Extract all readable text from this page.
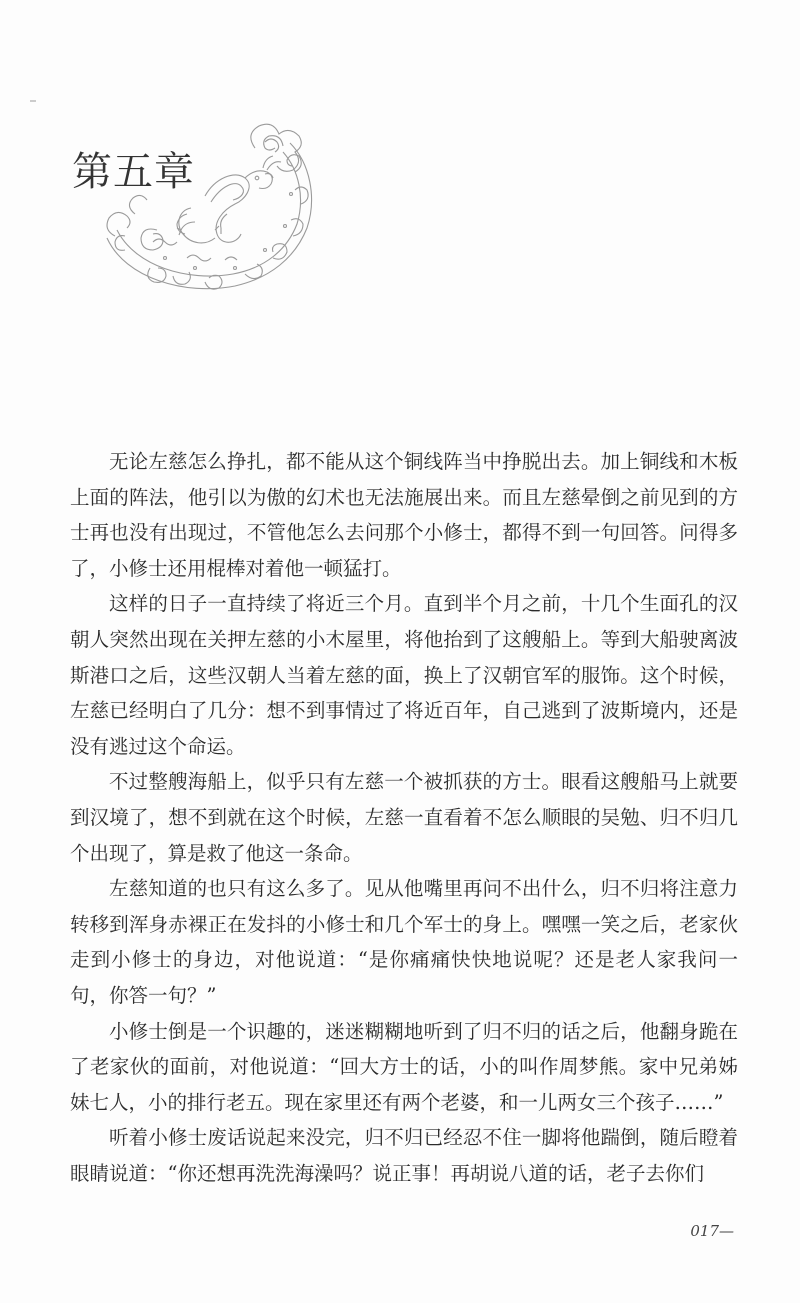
第五章

无论左慈怎么挣扎，都不能从这个铜线阵当中挣脱出去。加上铜线和木板上面的阵法，他引以为傲的幻术也无法施展出来。而且左慈晕倒之前见到的方士再也没有出现过，不管他怎么去问那个小修士，都得不到一句回答。问得多了，小修士还用棍棒对着他一顿猛打。

这样的日子一直持续了将近三个月。直到半个月之前，十几个生面孔的汉朝人突然出现在关押左慈的小木屋里，将他抬到了这艘船上。等到大船驶离波斯港口之后，这些汉朝人当着左慈的面，换上了汉朝官军的服饰。这个时候，左慈已经明白了几分：想不到事情过了将近百年，自己逃到了波斯境内，还是没有逃过这个命运。

不过整艘海船上，似乎只有左慈一个被抓获的方士。眼看这艘船马上就要到汉境了，想不到就在这个时候，左慈一直看着不怎么顺眼的吴勉、归不归几个出现了，算是救了他这一条命。

左慈知道的也只有这么多了。见从他嘴里再问不出什么，归不归将注意力转移到浑身赤裸正在发抖的小修士和几个军士的身上。嘿嘿一笑之后，老家伙走到小修士的身边，对他说道：“是你痛痛快快地说呢？还是老人家我问一句，你答一句？”

小修士倒是一个识趣的，迷迷糊糊地听到了归不归的话之后，他翻身跪在了老家伙的面前，对他说道：“回大方士的话，小的叫作周梦熊。家中兄弟姊妹七人，小的排行老五。现在家里还有两个老婆，和一儿两女三个孩子……”

听着小修士废话说起来没完，归不归已经忍不住一脚将他踹倒，随后瞪着眼睛说道：“你还想再洗洗海澡吗？说正事！再胡说八道的话，老子去你们

017—
